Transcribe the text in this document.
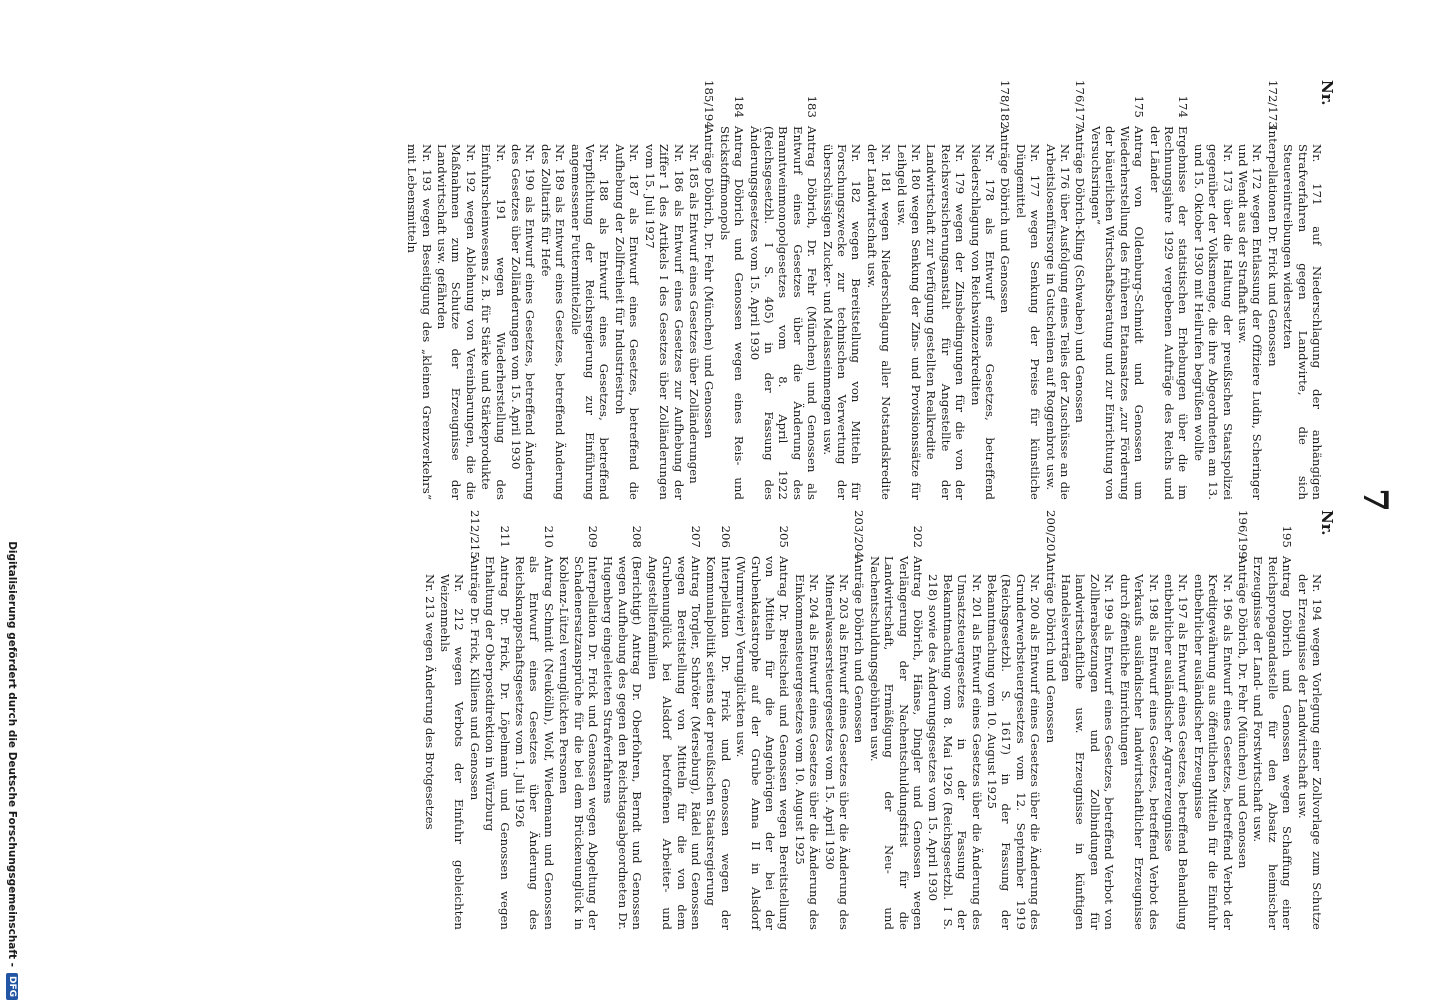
7
Nr.
Nr.
Nr. 171 auf Niederschlagung der anhängigen Strafverfahren gegen Landwirte, die sich Steuereintreibungen widersetzten
172/173
Interpellationen Dr. Frick und Genossen
Nr. 172 wegen Entlassung der Offiziere Ludin, Scheringer und Wendt aus der Strafhaft usw.
Nr. 173 über die Haltung der preußischen Staatspolizei gegenüber der Volksmenge, die ihre Abgeordneten am 13. und 15. Oktober 1930 mit Heilrufen begrüßen wollte
174
Ergebnisse der statistischen Erhebungen über die im Rechnungsjahre 1929 vergebenen Aufträge des Reichs und der Länder
175
Antrag von Oldenburg-Schmidt und Genossen um Wiederherstellung des früheren Etatansatzes „zur Förderung der bäuerlichen Wirtschaftsberatung und zur Einrichtung von Versuchsringen“
176/177
Anträge Döbrich-Kling (Schwaben) und Genossen
Nr. 176 über Ausfolgung eines Teiles der Zuschüsse an die Arbeitslosenfürsorge in Gutscheinen auf Roggenbrot usw.
Nr. 177 wegen Senkung der Preise für künstliche Düngemittel
178/182
Anträge Döbrich und Genossen
Nr. 178 als Entwurf eines Gesetzes, betreffend Niederschlagung von Reichswinzerkrediten
Nr. 179 wegen der Zinsbedingungen für die von der Reichsversicherungsanstalt für Angestellte der Landwirtschaft zur Verfügung gestellten Realkredite
Nr. 180 wegen Senkung der Zins- und Provisionssätze für Leihgeld usw.
Nr. 181 wegen Niederschlagung aller Notstandskredite der Landwirtschaft usw.
Nr. 182 wegen Bereitstellung von Mitteln für Forschungszwecke zur technischen Verwertung der überschüssigen Zucker- und Melasseinmengen usw.
183
Antrag Döbrich, Dr. Fehr (München) und Genossen als Entwurf eines Gesetzes über die Änderung des Branntweinmonopolgesetzes vom 8. April 1922 (Reichsgesetzbl. I S. 405) in der Fassung des Änderungsgesetzes vom 15. April 1930
184
Antrag Döbrich und Genossen wegen eines Reis- und Stickstoffmonopols
185/194
Anträge Döbrich, Dr. Fehr (München) und Genossen
Nr. 185 als Entwurf eines Gesetzes über Zolländerungen
Nr. 186 als Entwurf eines Gesetzes zur Aufhebung der Ziffer 1 des Artikels I des Gesetzes über Zolländerungen vom 15. Juli 1927
Nr. 187 als Entwurf eines Gesetzes, betreffend die Aufhebung der Zollfreiheit für Industriestroh
Nr. 188 als Entwurf eines Gesetzes, betreffend Verpflichtung der Reichsregierung zur Einführung angemessener Futtermittelzölle
Nr. 189 als Entwurf eines Gesetzes, betreffend Änderung des Zolltarifs für Hefe
Nr. 190 als Entwurf eines Gesetzes, betreffend Änderung des Gesetzes über Zolländerungen vom 15. April 1930
Nr. 191 wegen Wiederherstellung des Einfuhrscheinwesens z. B. für Stärke und Stärkeprodukte
Nr. 192 wegen Ablehnung von Vereinbarungen, die die Maßnahmen zum Schutze der Erzeugnisse der Landwirtschaft usw. gefährden
Nr. 193 wegen Beseitigung des „kleinen Grenzverkehrs“ mit Lebensmitteln
Nr. 194 wegen Vorlegung einer Zollvorlage zum Schutze der Erzeugnisse der Landwirtschaft usw.
195
Antrag Döbrich und Genossen wegen Schaffung einer Reichspropagandastelle für den Absatz heimischer Erzeugnisse der Land- und Forstwirtschaft usw.
196/199
Anträge Döbrich, Dr. Fehr (München) und Genossen
Nr. 196 als Entwurf eines Gesetzes, betreffend Verbot der Kreditgewährung aus öffentlichen Mitteln für die Einfuhr entbehrlicher ausländischer Erzeugnisse
Nr. 197 als Entwurf eines Gesetzes, betreffend Behandlung entbehrlicher ausländischer Agrarerzeugnisse
Nr. 198 als Entwurf eines Gesetzes, betreffend Verbot des Verkaufs ausländischer landwirtschaftlicher Erzeugnisse durch öffentliche Einrichtungen
Nr. 199 als Entwurf eines Gesetzes, betreffend Verbot von Zollherabsetzungen und Zollbindungen für landwirtschaftliche usw. Erzeugnisse in künftigen Handelsverträgen
200/201
Anträge Döbrich und Genossen
Nr. 200 als Entwurf eines Gesetzes über die Änderung des Grunderwerbsteuergesetzes vom 12. September 1919 (Reichsgesetzbl. S. 1617) in der Fassung der Bekanntmachung vom 10. August 1925
Nr. 201 als Entwurf eines Gesetzes über die Änderung des Umsatzsteuergesetzes in der Fassung der Bekanntmachung vom 8. Mai 1926 (Reichsgesetzbl. I S. 218) sowie des Änderungsgesetzes vom 15. April 1930
202
Antrag Döbrich, Hänse, Dingler und Genossen wegen Verlängerung der Nachentschuldungsfrist für die Landwirtschaft, Ermäßigung der Neu- und Nachentschuldungsgebühren usw.
203/204
Anträge Döbrich und Genossen
Nr. 203 als Entwurf eines Gesetzes über die Änderung des Mineralwassersteuergesetzes vom 15. April 1930
Nr. 204 als Entwurf eines Gesetzes über die Änderung des Einkommensteuergesetzes vom 10. August 1925
205
Antrag Dr. Breitscheid und Genossen wegen Bereitstellung von Mitteln für die Angehörigen der bei der Grubenkatastrophe auf der Grube Anna II in Alsdorf (Wurmrevier) Verunglückten usw.
206
Interpellation Dr. Frick und Genossen wegen der Kommunalpolitik seitens der preußischen Staatsregierung
207
Antrag Torgler, Schröter (Merseburg), Rädel und Genossen wegen Bereitstellung von Mitteln für die von dem Grubenunglück bei Alsdorf betroffenen Arbeiter- und Angestelltenfamilien
208
(Berichtigt) Antrag Dr. Oberfohren, Berndt und Genossen wegen Aufhebung des gegen den Reichstagsabgeordneten Dr. Hugenberg eingeleiteten Strafverfahrens
209
Interpellation Dr. Frick und Genossen wegen Abgeltung der Schadenersatzansprüche für die bei dem Brückenunglück in Koblenz-Lützel verunglückten Personen
210
Antrag Schmidt (Neukölln), Wolf, Wiedemann und Genossen als Entwurf eines Gesetzes über Änderung des Reichsknappschaftsgesetzes vom 1. Juli 1926
211
Antrag Dr. Frick, Dr. Löpelmann und Genossen wegen Erhaltung der Oberpostdirektion in Würzburg
212/215
Anträge Dr. Frick, Killiens und Genossen
Nr. 212 wegen Verbots der Einfuhr gebleichten Weizenmehls
Nr. 213 wegen Änderung des Brotgesetzes
Digitalisierung gefördert durch die Deutsche Forschungsgemeinschaft -
DFG
